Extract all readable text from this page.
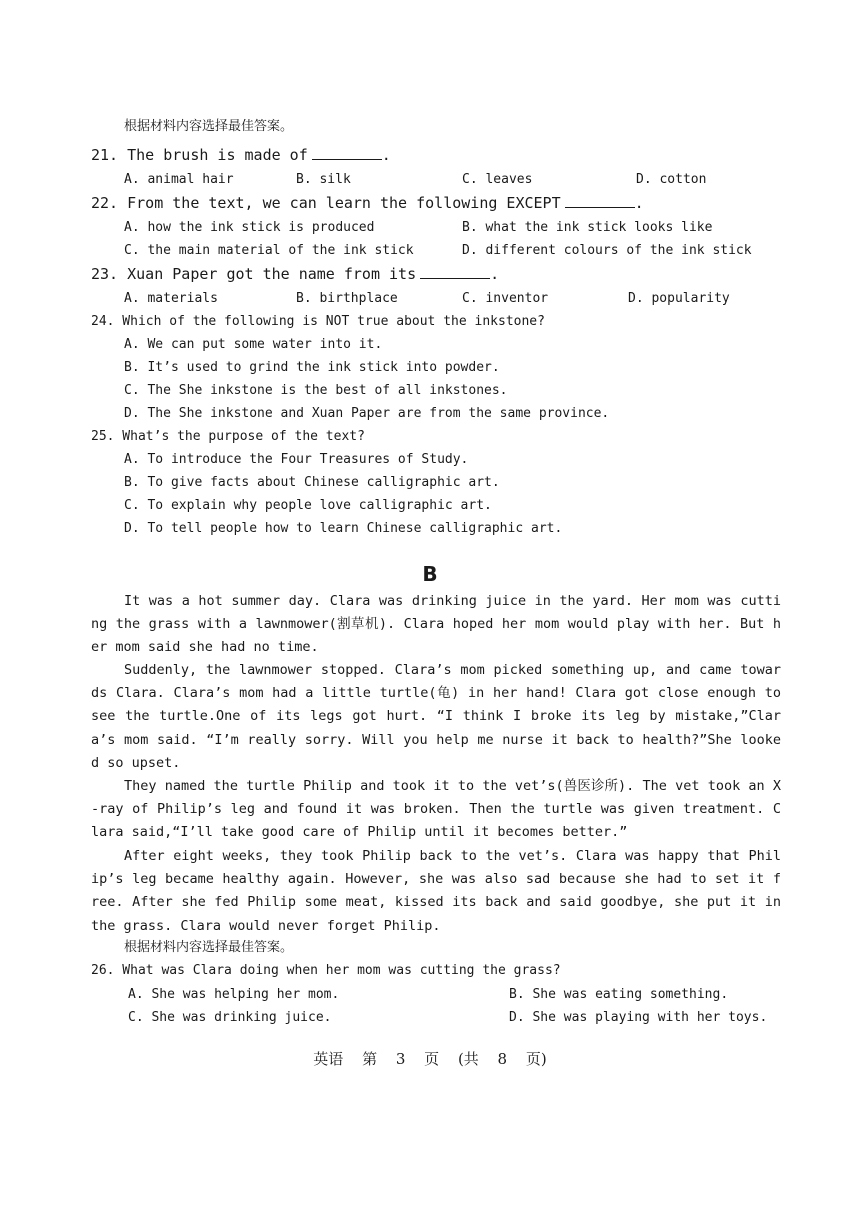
根据材料内容选择最佳答案。
21. The brush is made of	.
A. animal hair	B. silk	C. leaves	D. cotton
22. From the text, we can learn the following EXCEPT	.
A. how the ink stick is produced	B. what the ink stick looks like
C. the main material of the ink stick	D. different colours of the ink stick
23. Xuan Paper got the name from its	.
A. materials	B. birthplace	C. inventor	D. popularity
24. Which of the following is NOT true about the inkstone?
A. We can put some water into it.
B. It’s used to grind the ink stick into powder.
C. The She inkstone is the best of all inkstones.
D. The She inkstone and Xuan Paper are from the same province.
25. What’s the purpose of the text?
A. To introduce the Four Treasures of Study.
B. To give facts about Chinese calligraphic art.
C. To explain why people love calligraphic art.
D. To tell people how to learn Chinese calligraphic art.
B
It was a hot summer day. Clara was drinking juice in the yard. Her mom was cutting the grass with a lawnmower(割草机). Clara hoped her mom would play with her. But her mom said she had no time.
Suddenly, the lawnmower stopped. Clara’s mom picked something up, and came towards Clara. Clara’s mom had a little turtle(龟) in her hand! Clara got close enough to see the turtle.One of its legs got hurt. “I think I broke its leg by mistake,”Clara’s mom said. “I’m really sorry. Will you help me nurse it back to health?”She looked so upset.
They named the turtle Philip and took it to the vet’s(兽医诊所). The vet took an X-ray of Philip’s leg and found it was broken. Then the turtle was given treatment. Clara said,“I’ll take good care of Philip until it becomes better.”
After eight weeks, they took Philip back to the vet’s. Clara was happy that Philip’s leg became healthy again. However, she was also sad because she had to set it free. After she fed Philip some meat, kissed its back and said goodbye, she put it in the grass. Clara would never forget Philip.
根据材料内容选择最佳答案。
26. What was Clara doing when her mom was cutting the grass?
A. She was helping her mom.	B. She was eating something.
C. She was drinking juice.	D. She was playing with her toys.
英语 第 3 页 (共 8 页)
